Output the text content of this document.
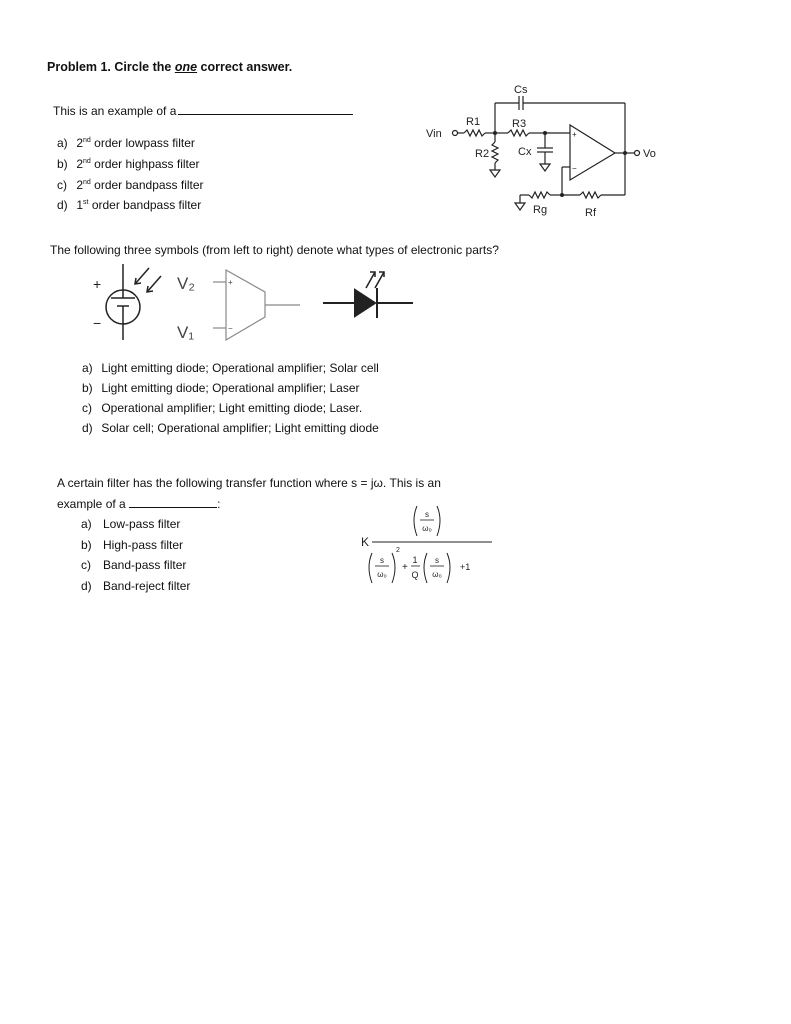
Problem 1. Circle the one correct answer.
This is an example of a
a) 2nd order lowpass filter
b) 2nd order highpass filter
c) 2nd order bandpass filter
d) 1st order bandpass filter
Cs
R1	R3
Vin
R2	Cx	Vo
Rg	Rf
+
−
The following three symbols (from left to right) denote what types of electronic parts?
+
−
V₂
V₁
+
−
a) Light emitting diode; Operational amplifier; Solar cell
b) Light emitting diode; Operational amplifier; Laser
c) Operational amplifier; Light emitting diode; Laser.
d) Solar cell; Operational amplifier; Light emitting diode
A certain filter has the following transfer function where s = jω. This is an
example of a	:
a) Low-pass filter
b) High-pass filter
c) Band-pass filter
d) Band-reject filter
K
s
ω₀
s
ω₀
2
+
1
Q
s
ω₀
+1
